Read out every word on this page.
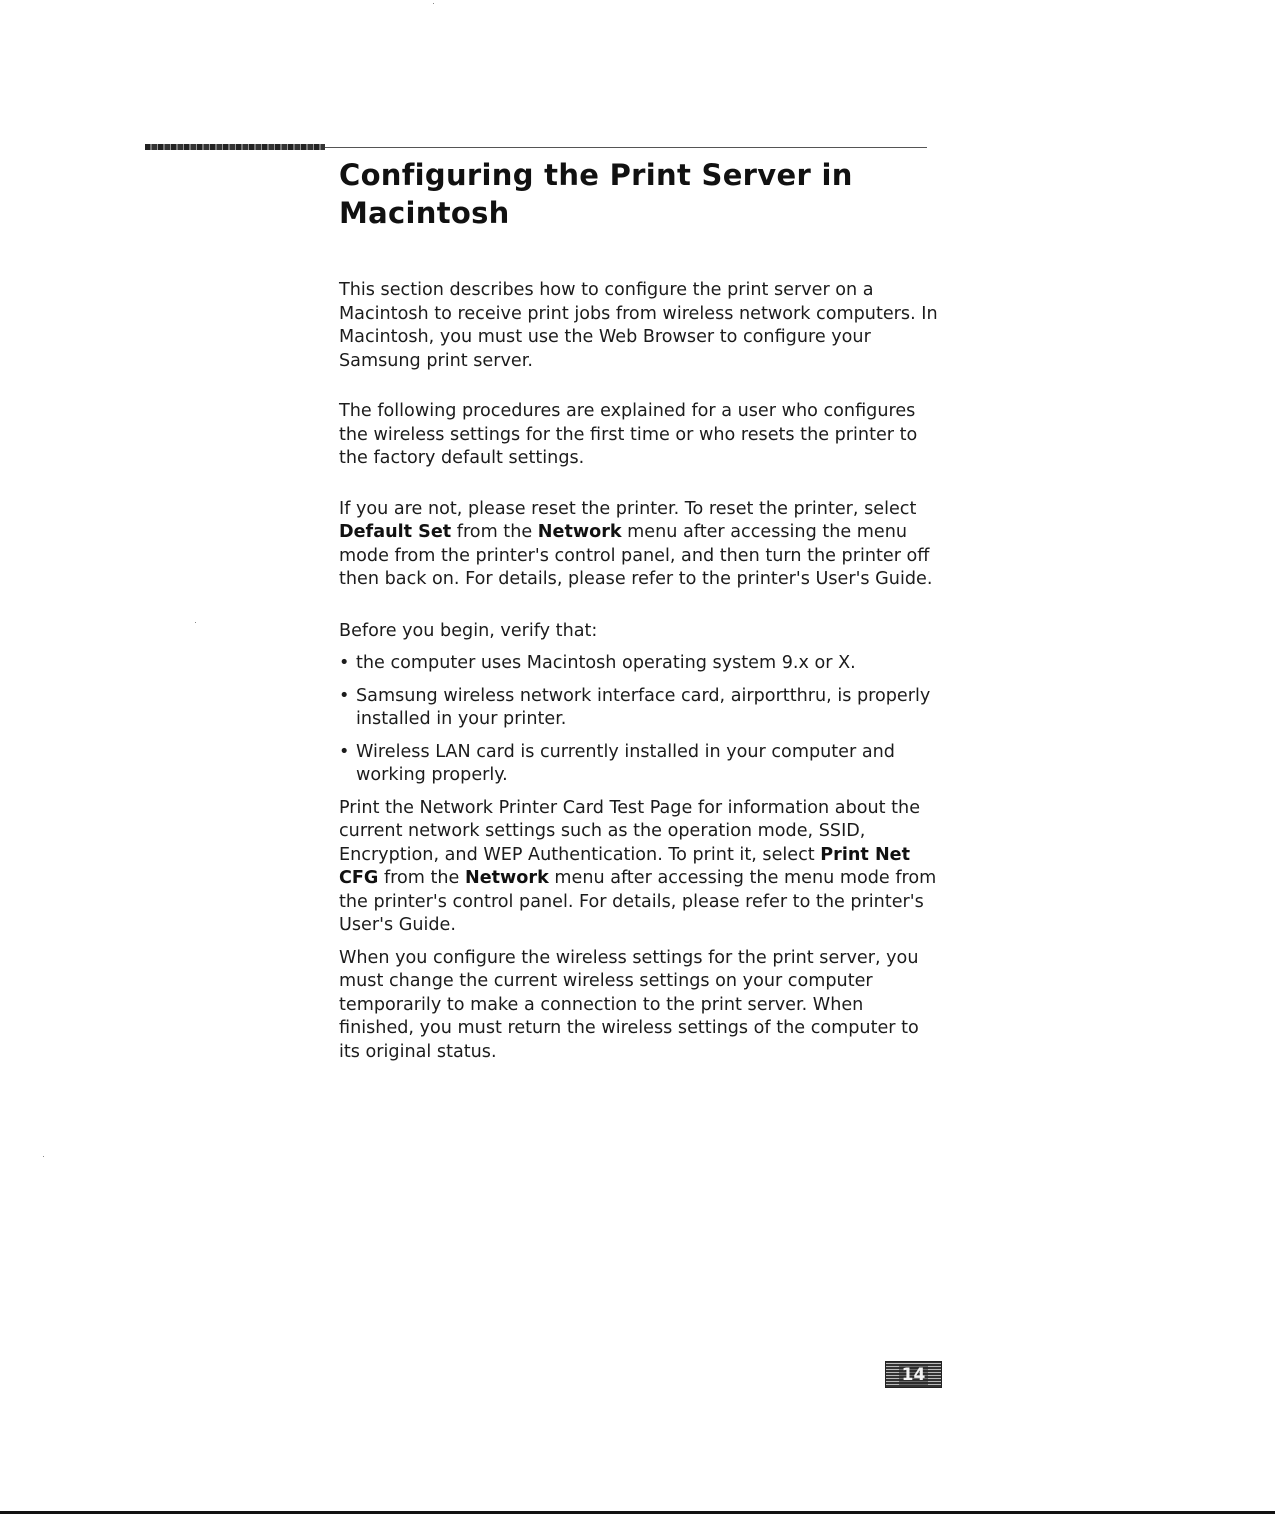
Configuring the Print Server in Macintosh

This section describes how to configure the print server on a Macintosh to receive print jobs from wireless network computers. In Macintosh, you must use the Web Browser to configure your Samsung print server.

The following procedures are explained for a user who configures the wireless settings for the first time or who resets the printer to the factory default settings.

If you are not, please reset the printer. To reset the printer, select Default Set from the Network menu after accessing the menu mode from the printer's control panel, and then turn the printer off then back on. For details, please refer to the printer's User's Guide.

Before you begin, verify that:

• the computer uses Macintosh operating system 9.x or X.
• Samsung wireless network interface card, airportthru, is properly installed in your printer.
• Wireless LAN card is currently installed in your computer and working properly.

Print the Network Printer Card Test Page for information about the current network settings such as the operation mode, SSID, Encryption, and WEP Authentication. To print it, select Print Net CFG from the Network menu after accessing the menu mode from the printer's control panel. For details, please refer to the printer's User's Guide.

When you configure the wireless settings for the print server, you must change the current wireless settings on your computer temporarily to make a connection to the print server. When finished, you must return the wireless settings of the computer to its original status.

14
